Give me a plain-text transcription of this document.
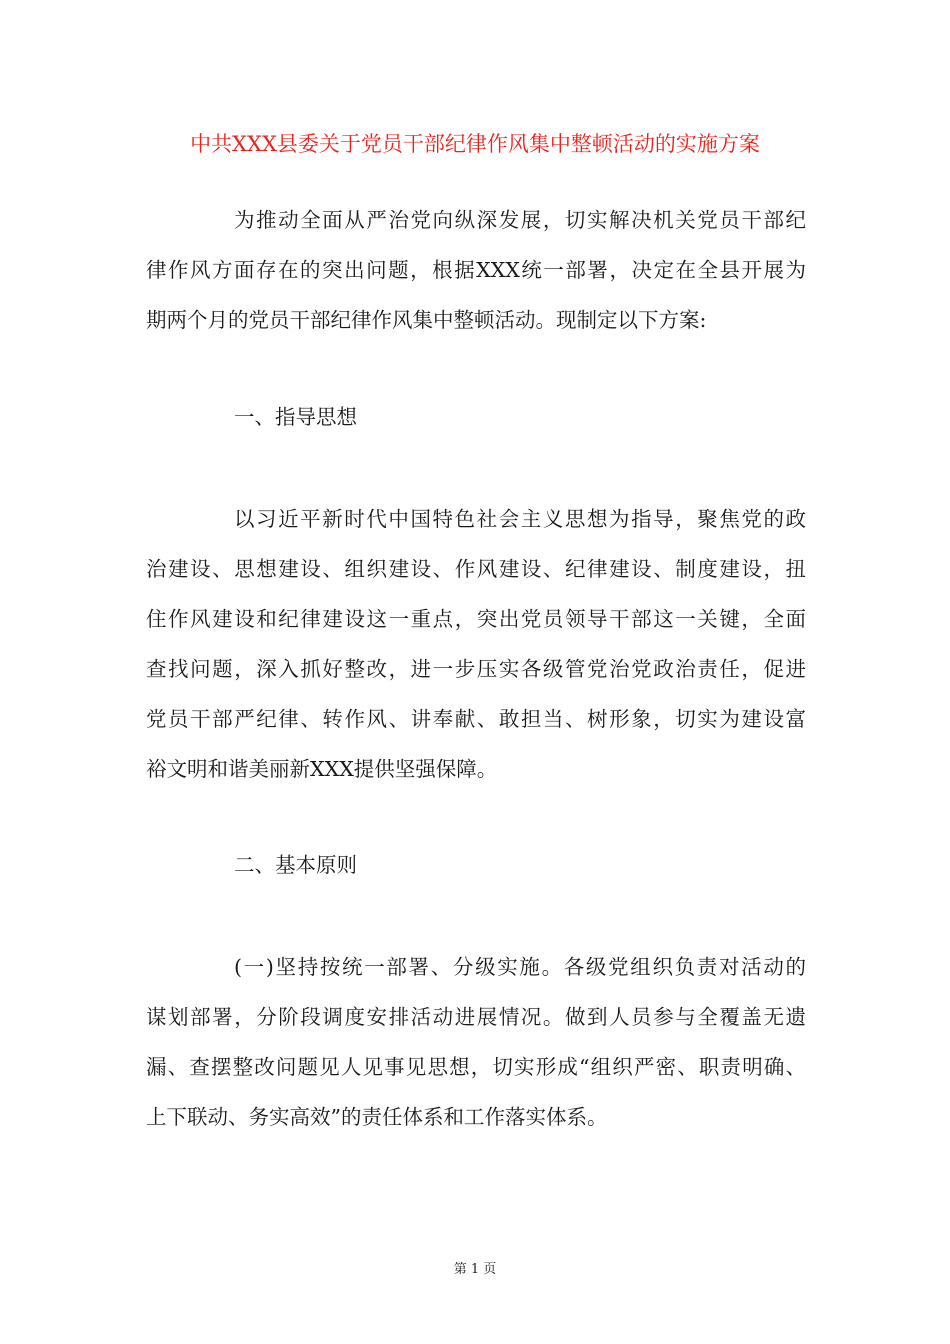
中共XXX县委关于党员干部纪律作风集中整顿活动的实施方案
为推动全面从严治党向纵深发展，切实解决机关党员干部纪
律作风方面存在的突出问题，根据XXX统一部署，决定在全县开展为
期两个月的党员干部纪律作风集中整顿活动。现制定以下方案:
一、指导思想
以习近平新时代中国特色社会主义思想为指导，聚焦党的政
治建设、思想建设、组织建设、作风建设、纪律建设、制度建设，扭
住作风建设和纪律建设这一重点，突出党员领导干部这一关键，全面
查找问题，深入抓好整改，进一步压实各级管党治党政治责任，促进
党员干部严纪律、转作风、讲奉献、敢担当、树形象，切实为建设富
裕文明和谐美丽新XXX提供坚强保障。
二、基本原则
(一)坚持按统一部署、分级实施。各级党组织负责对活动的
谋划部署，分阶段调度安排活动进展情况。做到人员参与全覆盖无遗
漏、查摆整改问题见人见事见思想，切实形成“组织严密、职责明确、
上下联动、务实高效”的责任体系和工作落实体系。
第 1 页
